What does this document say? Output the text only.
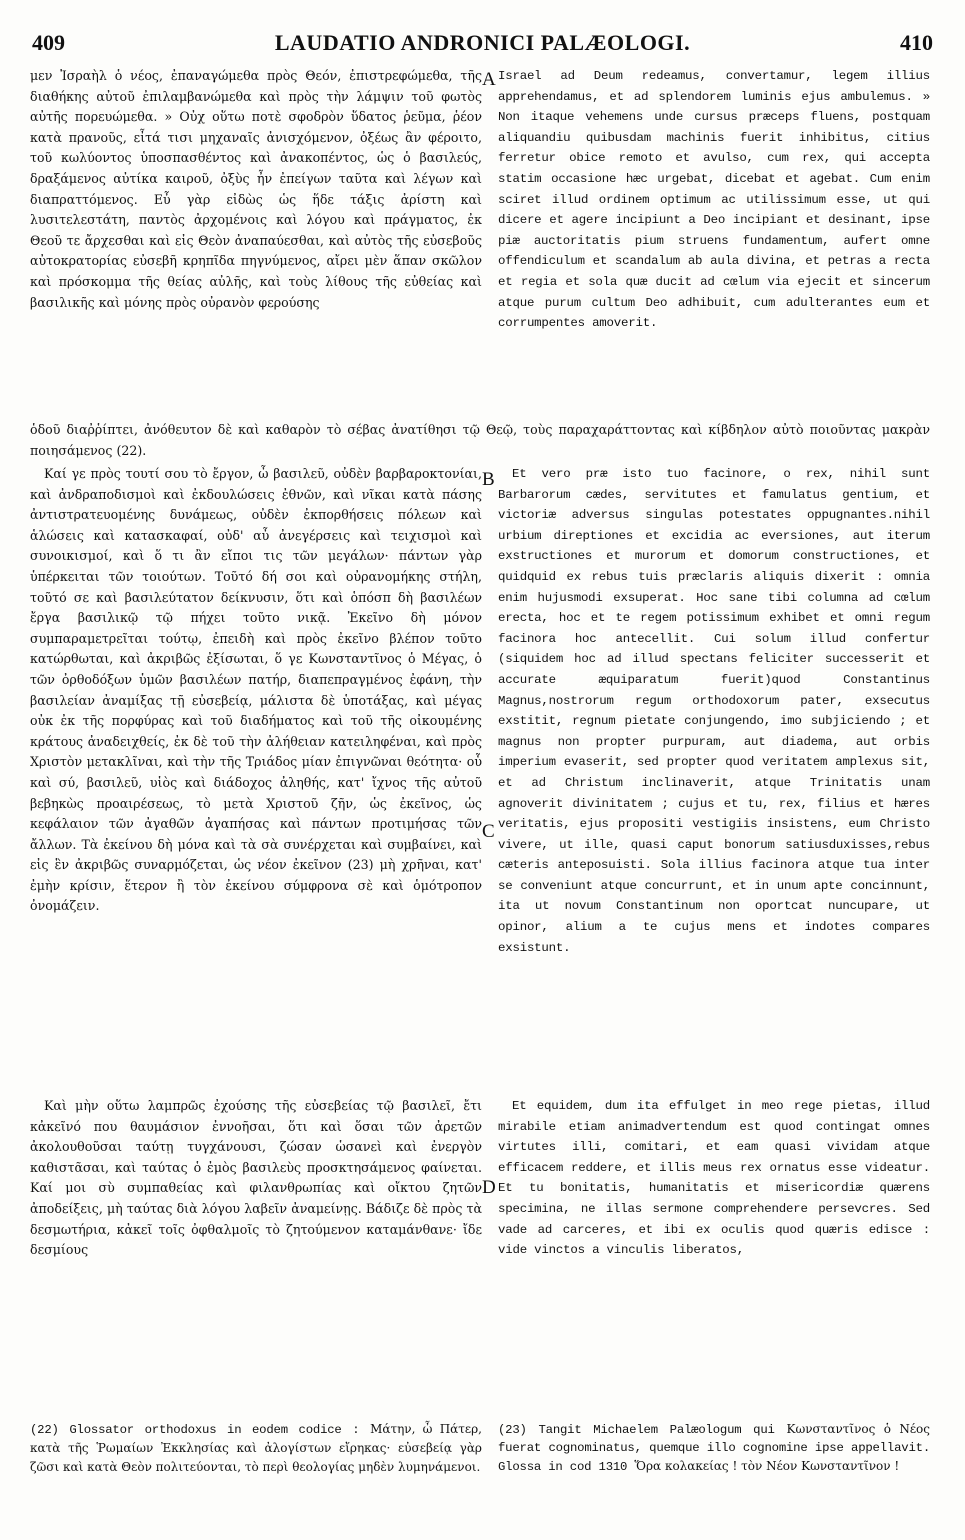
409	LAUDATIO ANDRONICI PALÆOLOGI.	410

μεν Ἰσραὴλ ὁ νέος, ἐπαναγώμεθα πρὸς Θεόν, ἐπιστρεφώμεθα, τῆς διαθήκης αὐτοῦ ἐπιλαμβανώμεθα καὶ πρὸς τὴν λάμψιν τοῦ φωτὸς αὐτῆς πορευώμεθα. » Οὐχ οὕτω ποτὲ σφοδρὸν ὕδατος ῥεῦμα, ῥέον κατὰ πρανοῦς, εἶτά τισι μηχαναῖς ἀνισχόμενον, ὀξέως ἂν φέροιτο, τοῦ κωλύοντος ὑποσπασθέντος καὶ ἀνακοπέντος, ὡς ὁ βασιλεύς, δραξάμενος αὐτίκα καιροῦ, ὀξὺς ἦν ἐπείγων ταῦτα καὶ λέγων καὶ διαπραττόμενος. Εὖ γὰρ εἰδὼς ὡς ἥδε τάξις ἀρίστη καὶ λυσιτελεστάτη, παντὸς ἀρχομένοις καὶ λόγου καὶ πράγματος, ἐκ Θεοῦ τε ἄρχεσθαι καὶ εἰς Θεὸν ἀναπαύεσθαι, καὶ αὐτὸς τῆς εὐσεβοῦς αὐτοκρατορίας εὐσεβῆ κρηπῖδα πηγνύμενος, αἴρει μὲν ἅπαν σκῶλον καὶ πρόσκομμα τῆς θείας αὐλῆς, καὶ τοὺς λίθους τῆς εὐθείας καὶ βασιλικῆς καὶ μόνης πρὸς οὐρανὸν φερούσης

A Israel ad Deum redeamus, convertamur, legem illius apprehendamus, et ad splendorem luminis ejus ambulemus. » Non itaque vehemens unde cursus præceps fluens, postquam aliquandiu quibusdam machinis fuerit inhibitus, citius ferretur obice remoto et avulso, cum rex, qui accepta statim occasione hæc urgebat, dicebat et agebat. Cum enim sciret illud ordinem optimum ac utilissimum esse, ut qui dicere et agere incipiunt a Deo incipiant et desinant, ipse piæ auctoritatis pium struens fundamentum, aufert omne offendiculum et scandalum ab aula divina, et petras a recta et regia et sola quæ ducit ad cœlum via ejecit et sincerum atque purum cultum Deo adhibuit, cum adulterantes eum et corrumpentes amoverit.

ὁδοῦ διαῤῥίπτει, ἀνόθευτον δὲ καὶ καθαρὸν τὸ σέβας ἀνατίθησι τῷ Θεῷ, τοὺς παραχαράττοντας καὶ κίβδηλον αὐτὸ ποιοῦντας μακρὰν ποιησάμενος (22).

Καί γε πρὸς τουτί σου τὸ ἔργον, ὦ βασιλεῦ, οὐδὲν βαρβαροκτονίαι, καὶ ἀνδραποδισμοὶ καὶ ἐκδουλώσεις ἐθνῶν, καὶ νῖκαι κατὰ πάσης ἀντιστρατευομένης δυνάμεως, οὐδὲν ἐκπορθήσεις πόλεων καὶ ἁλώσεις καὶ κατασκαφαί, οὐδ' αὖ ἀνεγέρσεις καὶ τειχισμοὶ καὶ συνοικισμοί, καὶ ὅ τι ἂν εἴποι τις τῶν μεγάλων· πάντων γὰρ ὑπέρκειται τῶν τοιούτων. Τοῦτό δή σοι καὶ οὐρανομήκης στήλη, τοῦτό σε καὶ βασιλεύτατον δείκνυσιν, ὅτι καὶ ὁπόσπ δὴ βασιλέων ἔργα βασιλικῷ τῷ πήχει τοῦτο νικᾷ. Ἐκεῖνο δὴ μόνον συμπαραμετρεῖται τούτῳ, ἐπειδὴ καὶ πρὸς ἐκεῖνο βλέπον τοῦτο κατώρθωται, καὶ ἀκριβῶς ἐξίσωται, ὅ γε Κωνσταντῖνος ὁ Μέγας, ὁ τῶν ὀρθοδόξων ὑμῶν βασιλέων πατήρ, διαπεπραγμένος ἐφάνη, τὴν βασιλείαν ἀναμίξας τῇ εὐσεβείᾳ, μάλιστα δὲ ὑποτάξας, καὶ μέγας οὐκ ἐκ τῆς πορφύρας καὶ τοῦ διαδήματος καὶ τοῦ τῆς οἰκουμένης κράτους ἀναδειχθείς, ἐκ δὲ τοῦ τὴν ἀλήθειαν κατειληφέναι, καὶ πρὸς Χριστὸν μετακλῖναι, καὶ τὴν τῆς Τριάδος μίαν ἐπιγνῶναι θεότητα· οὗ καὶ σύ, βασιλεῦ, υἱὸς καὶ διάδοχος ἀληθής, κατ' ἴχνος τῆς αὐτοῦ βεβηκὼς προαιρέσεως, τὸ μετὰ Χριστοῦ ζῆν, ὡς ἐκεῖνος, ὡς κεφάλαιον τῶν ἀγαθῶν ἀγαπήσας καὶ πάντων προτιμήσας τῶν ἄλλων. Τὰ ἐκείνου δὴ μόνα καὶ τὰ σὰ συνέρχεται καὶ συμβαίνει, καὶ εἰς ἓν ἀκριβῶς συναρμόζεται, ὡς νέον ἐκεῖνον (23) μὴ χρῆναι, κατ' ἐμὴν κρίσιν, ἕτερον ἢ τὸν ἐκείνου σύμφρονα σὲ καὶ ὁμότροπον ὀνομάζειν.

B
C

Et vero præ isto tuo facinore, o rex, nihil sunt Barbarorum cædes, servitutes et famulatus gentium, et victoriæ adversus singulas potestates oppugnantes.nihil urbium direptiones et excidia ac eversiones, aut iterum exstructiones et murorum et domorum constructiones, et quidquid ex rebus tuis præclaris aliquis dixerit : omnia enim hujusmodi exsuperat. Hoc sane tibi columna ad cœlum erecta, hoc et te regem potissimum exhibet et omni regum facinora hoc antecellit. Cui solum illud confertur (siquidem hoc ad illud spectans feliciter successerit et accurate æquiparatum fuerit)quod Constantinus Magnus,nostrorum regum orthodoxorum pater, exsecutus exstitit, regnum pietate conjungendo, imo subjiciendo ; et magnus non propter purpuram, aut diadema, aut orbis imperium evaserit, sed propter quod veritatem amplexus sit, et ad Christum inclinaverit, atque Trinitatis unam agnoverit divinitatem ; cujus et tu, rex, filius et hæres veritatis, ejus propositi vestigiis insistens, eum Christo vivere, ut ille, quasi caput bonorum satiusduxisses,rebus cæteris anteposuisti. Sola illius facinora atque tua inter se conveniunt atque concurrunt, et in unum apte concinnunt, ita ut novum Constantinum non oportcat nuncupare, ut opinor, alium a te cujus mens et indotes compares exsistunt.

Καὶ μὴν οὕτω λαμπρῶς ἐχούσης τῆς εὐσεβείας τῷ βασιλεῖ, ἔτι κἀκεῖνό που θαυμάσιον ἐννοῆσαι, ὅτι καὶ ὅσαι τῶν ἀρετῶν ἀκολουθοῦσαι ταύτῃ τυγχάνουσι, ζώσαν ὡσανεὶ καὶ ἐνεργὸν καθιστᾶσαι, καὶ ταύτας ὁ ἐμὸς βασιλεὺς προσκτησάμενος φαίνεται. Καί μοι σὺ συμπαθείας καὶ φιλανθρωπίας καὶ οἴκτου ζητῶν ἀποδείξεις, μὴ ταύτας διὰ λόγου λαβεῖν ἀναμείνῃς. Βάδιζε δὲ πρὸς τὰ δεσμωτήρια, κἀκεῖ τοῖς ὀφθαλμοῖς τὸ ζητούμενον καταμάνθανε· ἴδε δεσμίους

D

Et equidem, dum ita effulget in meo rege pietas, illud mirabile etiam animadvertendum est quod contingat omnes virtutes illi, comitari, et eam quasi vividam atque efficacem reddere, et illis meus rex ornatus esse videatur. Et tu bonitatis, humanitatis et misericordiæ quærens specimina, ne illas sermone comprehendere persevcres. Sed vade ad carceres, et ibi ex oculis quod quæris edisce : vide vinctos a vinculis liberatos,

(22) Glossator orthodoxus in eodem codice : Μάτην, ὦ Πάτερ, κατὰ τῆς Ῥωμαίων Ἐκκλησίας καὶ ἀλογίστων εἴρηκας· εὐσεβείᾳ γὰρ ζῶσι καὶ κατὰ Θεὸν πολιτεύονται, τὸ περὶ θεολογίας μηδὲν λυμηνάμενοι.
(23) Tangit Michaelem Palæologum qui Κωνσταντῖνος ὁ Νέος fuerat cognominatus, quemque illo cognomine ipse appellavit. Glossa in cod 1310 Ὅρα κολακείας ! τὸν Νέον Κωνσταντῖνον !
